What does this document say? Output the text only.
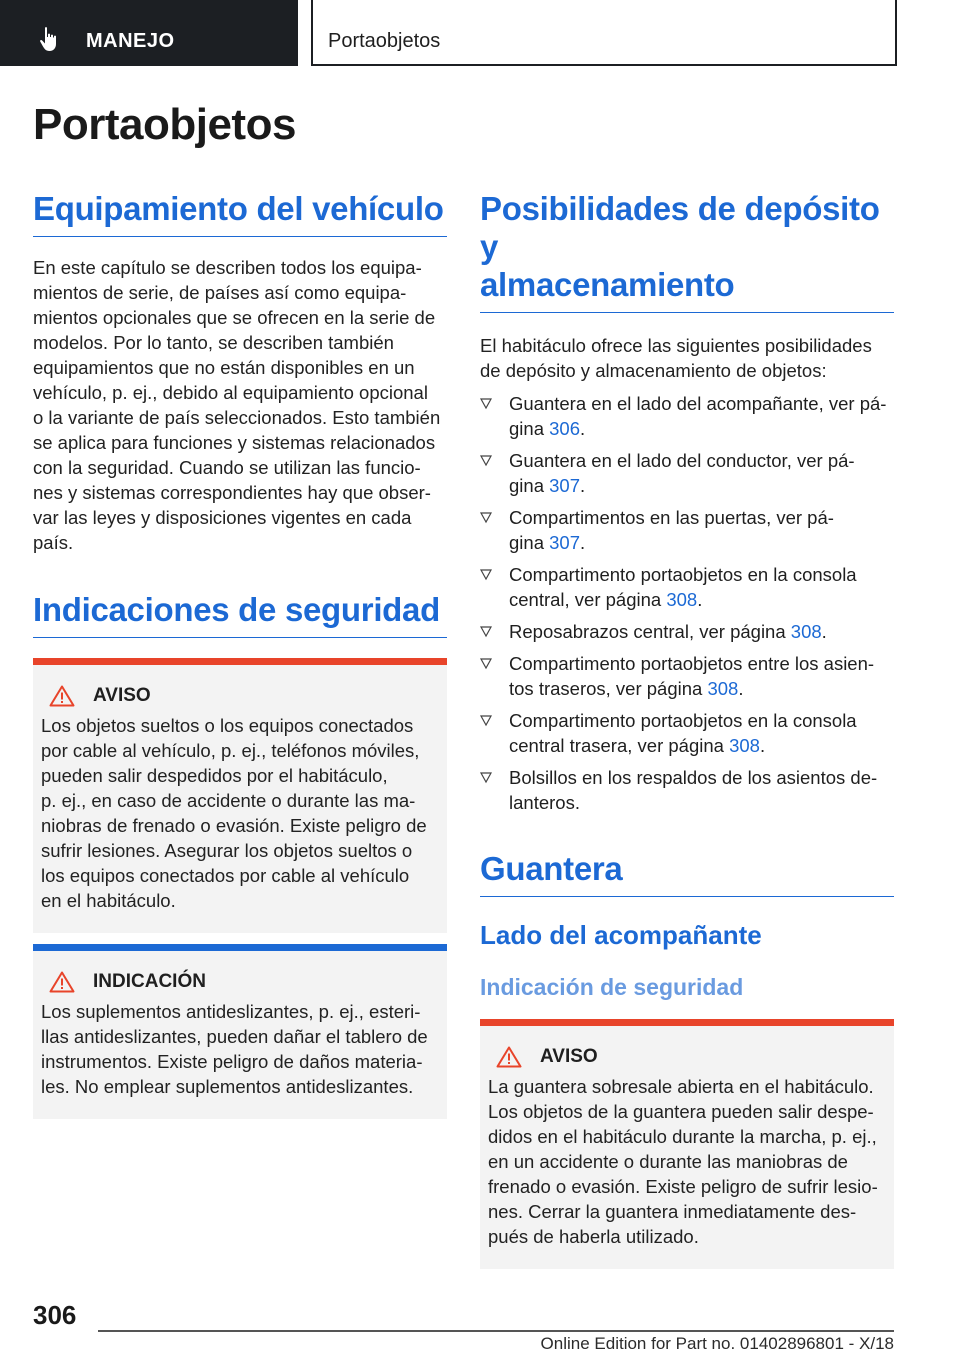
MANEJO	Portaobjetos
Portaobjetos
Equipamiento del vehículo

En este capítulo se describen todos los equipa-
mientos de serie, de países así como equipa-
mientos opcionales que se ofrecen en la serie de
modelos. Por lo tanto, se describen también
equipamientos que no están disponibles en un
vehículo, p. ej., debido al equipamiento opcional
o la variante de país seleccionados. Esto también
se aplica para funciones y sistemas relacionados
con la seguridad. Cuando se utilizan las funcio-
nes y sistemas correspondientes hay que obser-
var las leyes y disposiciones vigentes en cada
país.

Indicaciones de seguridad
AVISO

Los objetos sueltos o los equipos conectados
por cable al vehículo, p. ej., teléfonos móviles,
pueden salir despedidos por el habitáculo,
p. ej., en caso de accidente o durante las ma-
niobras de frenado o evasión. Existe peligro de
sufrir lesiones. Asegurar los objetos sueltos o
los equipos conectados por cable al vehículo
en el habitáculo.

INDICACIÓN

Los suplementos antideslizantes, p. ej., esteri-
llas antideslizantes, pueden dañar el tablero de
instrumentos. Existe peligro de daños materia-
les. No emplear suplementos antideslizantes.

Posibilidades de depósito y
almacenamiento

El habitáculo ofrece las siguientes posibilidades
de depósito y almacenamiento de objetos:

Guantera en el lado del acompañante, ver pá-
gina 306.
Guantera en el lado del conductor, ver pá-
gina 307.
Compartimentos en las puertas, ver pá-
gina 307.
Compartimento portaobjetos en la consola
central, ver página 308.
Reposabrazos central, ver página 308.
Compartimento portaobjetos entre los asien-
tos traseros, ver página 308.
Compartimento portaobjetos en la consola
central trasera, ver página 308.
Bolsillos en los respaldos de los asientos de-
lanteros.
Guantera
Lado del acompañante
Indicación de seguridad
AVISO

La guantera sobresale abierta en el habitáculo.
Los objetos de la guantera pueden salir despe-
didos en el habitáculo durante la marcha, p. ej.,
en un accidente o durante las maniobras de
frenado o evasión. Existe peligro de sufrir lesio-
nes. Cerrar la guantera inmediatamente des-
pués de haberla utilizado.

306
Online Edition for Part no. 01402896801 - X/18
